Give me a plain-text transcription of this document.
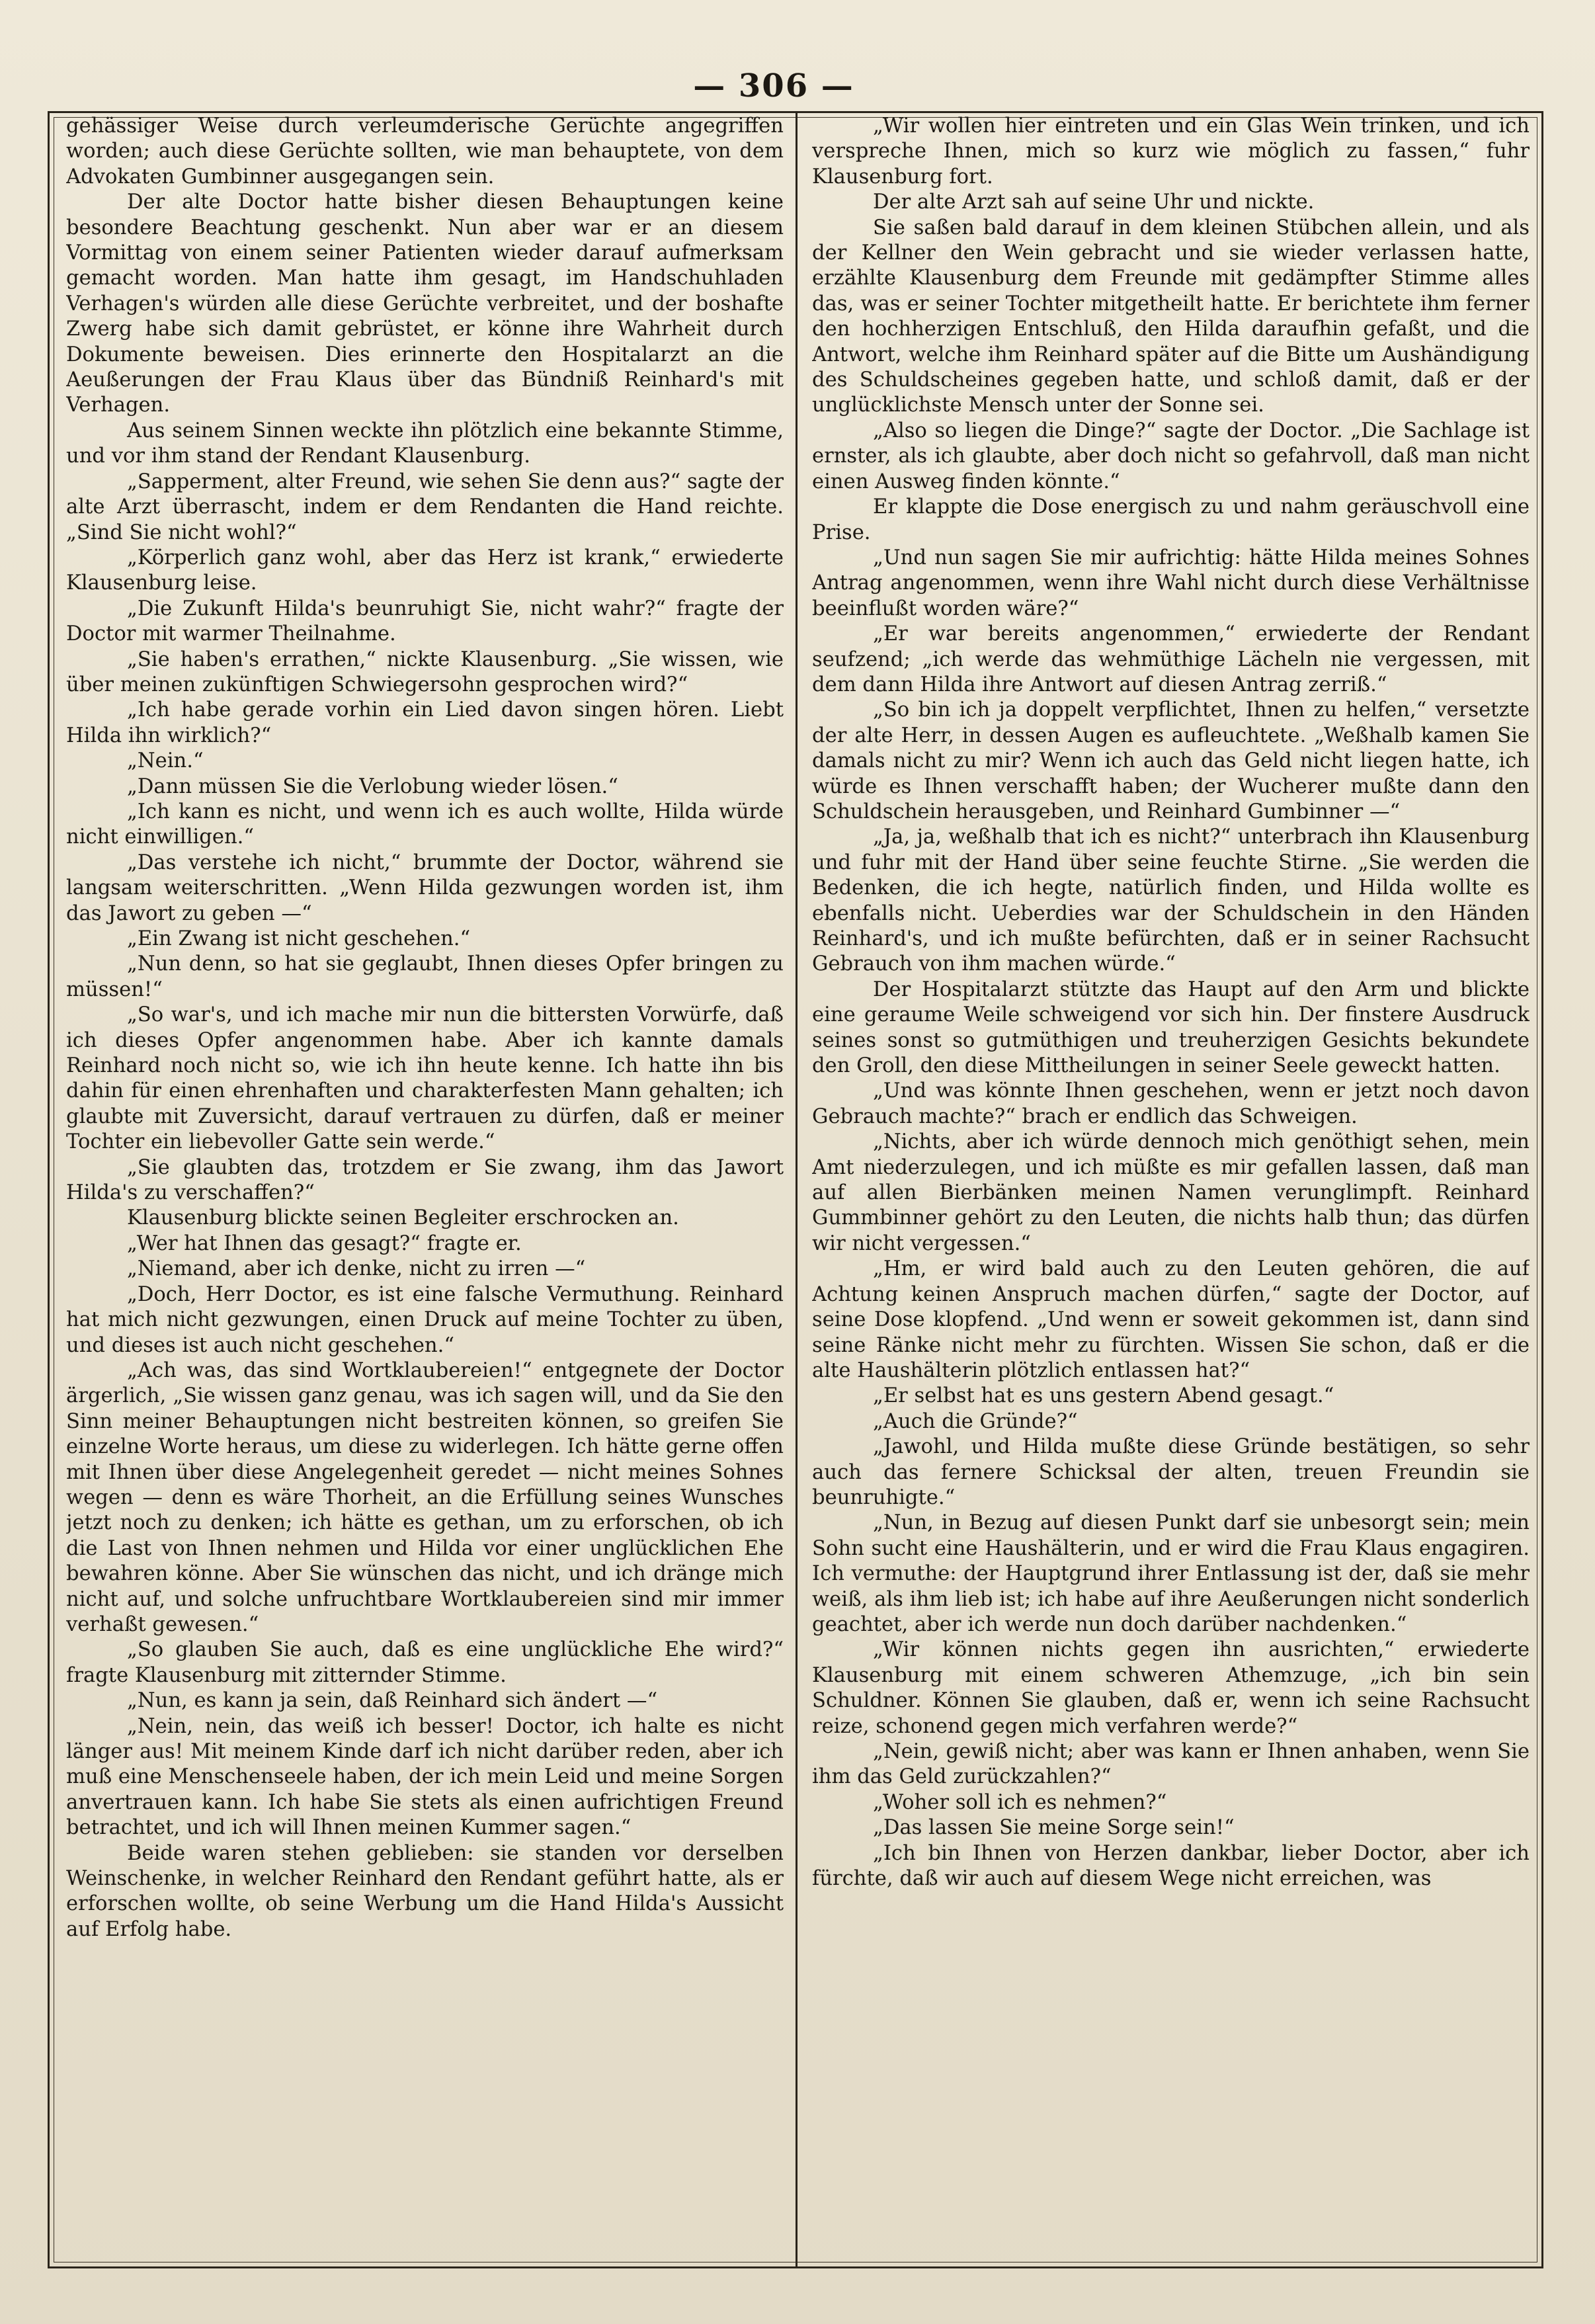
— 306 —

gehässiger Weise durch verleumderische Gerüchte angegriffen worden; auch diese Gerüchte sollten, wie man behauptete, von dem Advokaten Gumbinner ausgegangen sein.

Der alte Doctor hatte bisher diesen Behauptungen keine besondere Beachtung geschenkt. Nun aber war er an diesem Vormittag von einem seiner Patienten wieder darauf aufmerksam gemacht worden. Man hatte ihm gesagt, im Handschuhladen Verhagen's würden alle diese Gerüchte verbreitet, und der boshafte Zwerg habe sich damit gebrüstet, er könne ihre Wahrheit durch Dokumente beweisen. Dies erinnerte den Hospitalarzt an die Aeußerungen der Frau Klaus über das Bündniß Reinhard's mit Verhagen.

Aus seinem Sinnen weckte ihn plötzlich eine bekannte Stimme, und vor ihm stand der Rendant Klausenburg.

„Sapperment, alter Freund, wie sehen Sie denn aus?“ sagte der alte Arzt überrascht, indem er dem Rendanten die Hand reichte. „Sind Sie nicht wohl?“

„Körperlich ganz wohl, aber das Herz ist krank,“ erwiederte Klausenburg leise.

„Die Zukunft Hilda's beunruhigt Sie, nicht wahr?“ fragte der Doctor mit warmer Theilnahme.

„Sie haben's errathen,“ nickte Klausenburg. „Sie wissen, wie über meinen zukünftigen Schwiegersohn gesprochen wird?“

„Ich habe gerade vorhin ein Lied davon singen hören. Liebt Hilda ihn wirklich?“

„Nein.“

„Dann müssen Sie die Verlobung wieder lösen.“

„Ich kann es nicht, und wenn ich es auch wollte, Hilda würde nicht einwilligen.“

„Das verstehe ich nicht,“ brummte der Doctor, während sie langsam weiterschritten. „Wenn Hilda gezwungen worden ist, ihm das Jawort zu geben —“

„Ein Zwang ist nicht geschehen.“

„Nun denn, so hat sie geglaubt, Ihnen dieses Opfer bringen zu müssen!“

„So war's, und ich mache mir nun die bittersten Vorwürfe, daß ich dieses Opfer angenommen habe. Aber ich kannte damals Reinhard noch nicht so, wie ich ihn heute kenne. Ich hatte ihn bis dahin für einen ehrenhaften und charakterfesten Mann gehalten; ich glaubte mit Zuversicht, darauf vertrauen zu dürfen, daß er meiner Tochter ein liebevoller Gatte sein werde.“

„Sie glaubten das, trotzdem er Sie zwang, ihm das Jawort Hilda's zu verschaffen?“

Klausenburg blickte seinen Begleiter erschrocken an.

„Wer hat Ihnen das gesagt?“ fragte er.

„Niemand, aber ich denke, nicht zu irren —“

„Doch, Herr Doctor, es ist eine falsche Vermuthung. Reinhard hat mich nicht gezwungen, einen Druck auf meine Tochter zu üben, und dieses ist auch nicht geschehen.“

„Ach was, das sind Wortklaubereien!“ entgegnete der Doctor ärgerlich, „Sie wissen ganz genau, was ich sagen will, und da Sie den Sinn meiner Behauptungen nicht bestreiten können, so greifen Sie einzelne Worte heraus, um diese zu widerlegen. Ich hätte gerne offen mit Ihnen über diese Angelegenheit geredet — nicht meines Sohnes wegen — denn es wäre Thorheit, an die Erfüllung seines Wunsches jetzt noch zu denken; ich hätte es gethan, um zu erforschen, ob ich die Last von Ihnen nehmen und Hilda vor einer unglücklichen Ehe bewahren könne. Aber Sie wünschen das nicht, und ich dränge mich nicht auf, und solche unfruchtbare Wortklaubereien sind mir immer verhaßt gewesen.“

„So glauben Sie auch, daß es eine unglückliche Ehe wird?“ fragte Klausenburg mit zitternder Stimme.

„Nun, es kann ja sein, daß Reinhard sich ändert —“

„Nein, nein, das weiß ich besser! Doctor, ich halte es nicht länger aus! Mit meinem Kinde darf ich nicht darüber reden, aber ich muß eine Menschenseele haben, der ich mein Leid und meine Sorgen anvertrauen kann. Ich habe Sie stets als einen aufrichtigen Freund betrachtet, und ich will Ihnen meinen Kummer sagen.“

Beide waren stehen geblieben: sie standen vor derselben Weinschenke, in welcher Reinhard den Rendant geführt hatte, als er erforschen wollte, ob seine Werbung um die Hand Hilda's Aussicht auf Erfolg habe.

„Wir wollen hier eintreten und ein Glas Wein trinken, und ich verspreche Ihnen, mich so kurz wie möglich zu fassen,“ fuhr Klausenburg fort.

Der alte Arzt sah auf seine Uhr und nickte.

Sie saßen bald darauf in dem kleinen Stübchen allein, und als der Kellner den Wein gebracht und sie wieder verlassen hatte, erzählte Klausenburg dem Freunde mit gedämpfter Stimme alles das, was er seiner Tochter mitgetheilt hatte. Er berichtete ihm ferner den hochherzigen Entschluß, den Hilda daraufhin gefaßt, und die Antwort, welche ihm Reinhard später auf die Bitte um Aushändigung des Schuldscheines gegeben hatte, und schloß damit, daß er der unglücklichste Mensch unter der Sonne sei.

„Also so liegen die Dinge?“ sagte der Doctor. „Die Sachlage ist ernster, als ich glaubte, aber doch nicht so gefahrvoll, daß man nicht einen Ausweg finden könnte.“

Er klappte die Dose energisch zu und nahm geräuschvoll eine Prise.

„Und nun sagen Sie mir aufrichtig: hätte Hilda meines Sohnes Antrag angenommen, wenn ihre Wahl nicht durch diese Verhältnisse beeinflußt worden wäre?“

„Er war bereits angenommen,“ erwiederte der Rendant seufzend; „ich werde das wehmüthige Lächeln nie vergessen, mit dem dann Hilda ihre Antwort auf diesen Antrag zerriß.“

„So bin ich ja doppelt verpflichtet, Ihnen zu helfen,“ versetzte der alte Herr, in dessen Augen es aufleuchtete. „Weßhalb kamen Sie damals nicht zu mir? Wenn ich auch das Geld nicht liegen hatte, ich würde es Ihnen verschafft haben; der Wucherer mußte dann den Schuldschein herausgeben, und Reinhard Gumbinner —“

„Ja, ja, weßhalb that ich es nicht?“ unterbrach ihn Klausenburg und fuhr mit der Hand über seine feuchte Stirne. „Sie werden die Bedenken, die ich hegte, natürlich finden, und Hilda wollte es ebenfalls nicht. Ueberdies war der Schuldschein in den Händen Reinhard's, und ich mußte befürchten, daß er in seiner Rachsucht Gebrauch von ihm machen würde.“

Der Hospitalarzt stützte das Haupt auf den Arm und blickte eine geraume Weile schweigend vor sich hin. Der finstere Ausdruck seines sonst so gutmüthigen und treuherzigen Gesichts bekundete den Groll, den diese Mittheilungen in seiner Seele geweckt hatten.

„Und was könnte Ihnen geschehen, wenn er jetzt noch davon Gebrauch machte?“ brach er endlich das Schweigen.

„Nichts, aber ich würde dennoch mich genöthigt sehen, mein Amt niederzulegen, und ich müßte es mir gefallen lassen, daß man auf allen Bierbänken meinen Namen verunglimpft. Reinhard Gummbinner gehört zu den Leuten, die nichts halb thun; das dürfen wir nicht vergessen.“

„Hm, er wird bald auch zu den Leuten gehören, die auf Achtung keinen Anspruch machen dürfen,“ sagte der Doctor, auf seine Dose klopfend. „Und wenn er soweit gekommen ist, dann sind seine Ränke nicht mehr zu fürchten. Wissen Sie schon, daß er die alte Haushälterin plötzlich entlassen hat?“

„Er selbst hat es uns gestern Abend gesagt.“

„Auch die Gründe?“

„Jawohl, und Hilda mußte diese Gründe bestätigen, so sehr auch das fernere Schicksal der alten, treuen Freundin sie beunruhigte.“

„Nun, in Bezug auf diesen Punkt darf sie unbesorgt sein; mein Sohn sucht eine Haushälterin, und er wird die Frau Klaus engagiren. Ich vermuthe: der Hauptgrund ihrer Entlassung ist der, daß sie mehr weiß, als ihm lieb ist; ich habe auf ihre Aeußerungen nicht sonderlich geachtet, aber ich werde nun doch darüber nachdenken.“

„Wir können nichts gegen ihn ausrichten,“ erwiederte Klausenburg mit einem schweren Athemzuge, „ich bin sein Schuldner. Können Sie glauben, daß er, wenn ich seine Rachsucht reize, schonend gegen mich verfahren werde?“

„Nein, gewiß nicht; aber was kann er Ihnen anhaben, wenn Sie ihm das Geld zurückzahlen?“

„Woher soll ich es nehmen?“

„Das lassen Sie meine Sorge sein!“

„Ich bin Ihnen von Herzen dankbar, lieber Doctor, aber ich fürchte, daß wir auch auf diesem Wege nicht erreichen, was
